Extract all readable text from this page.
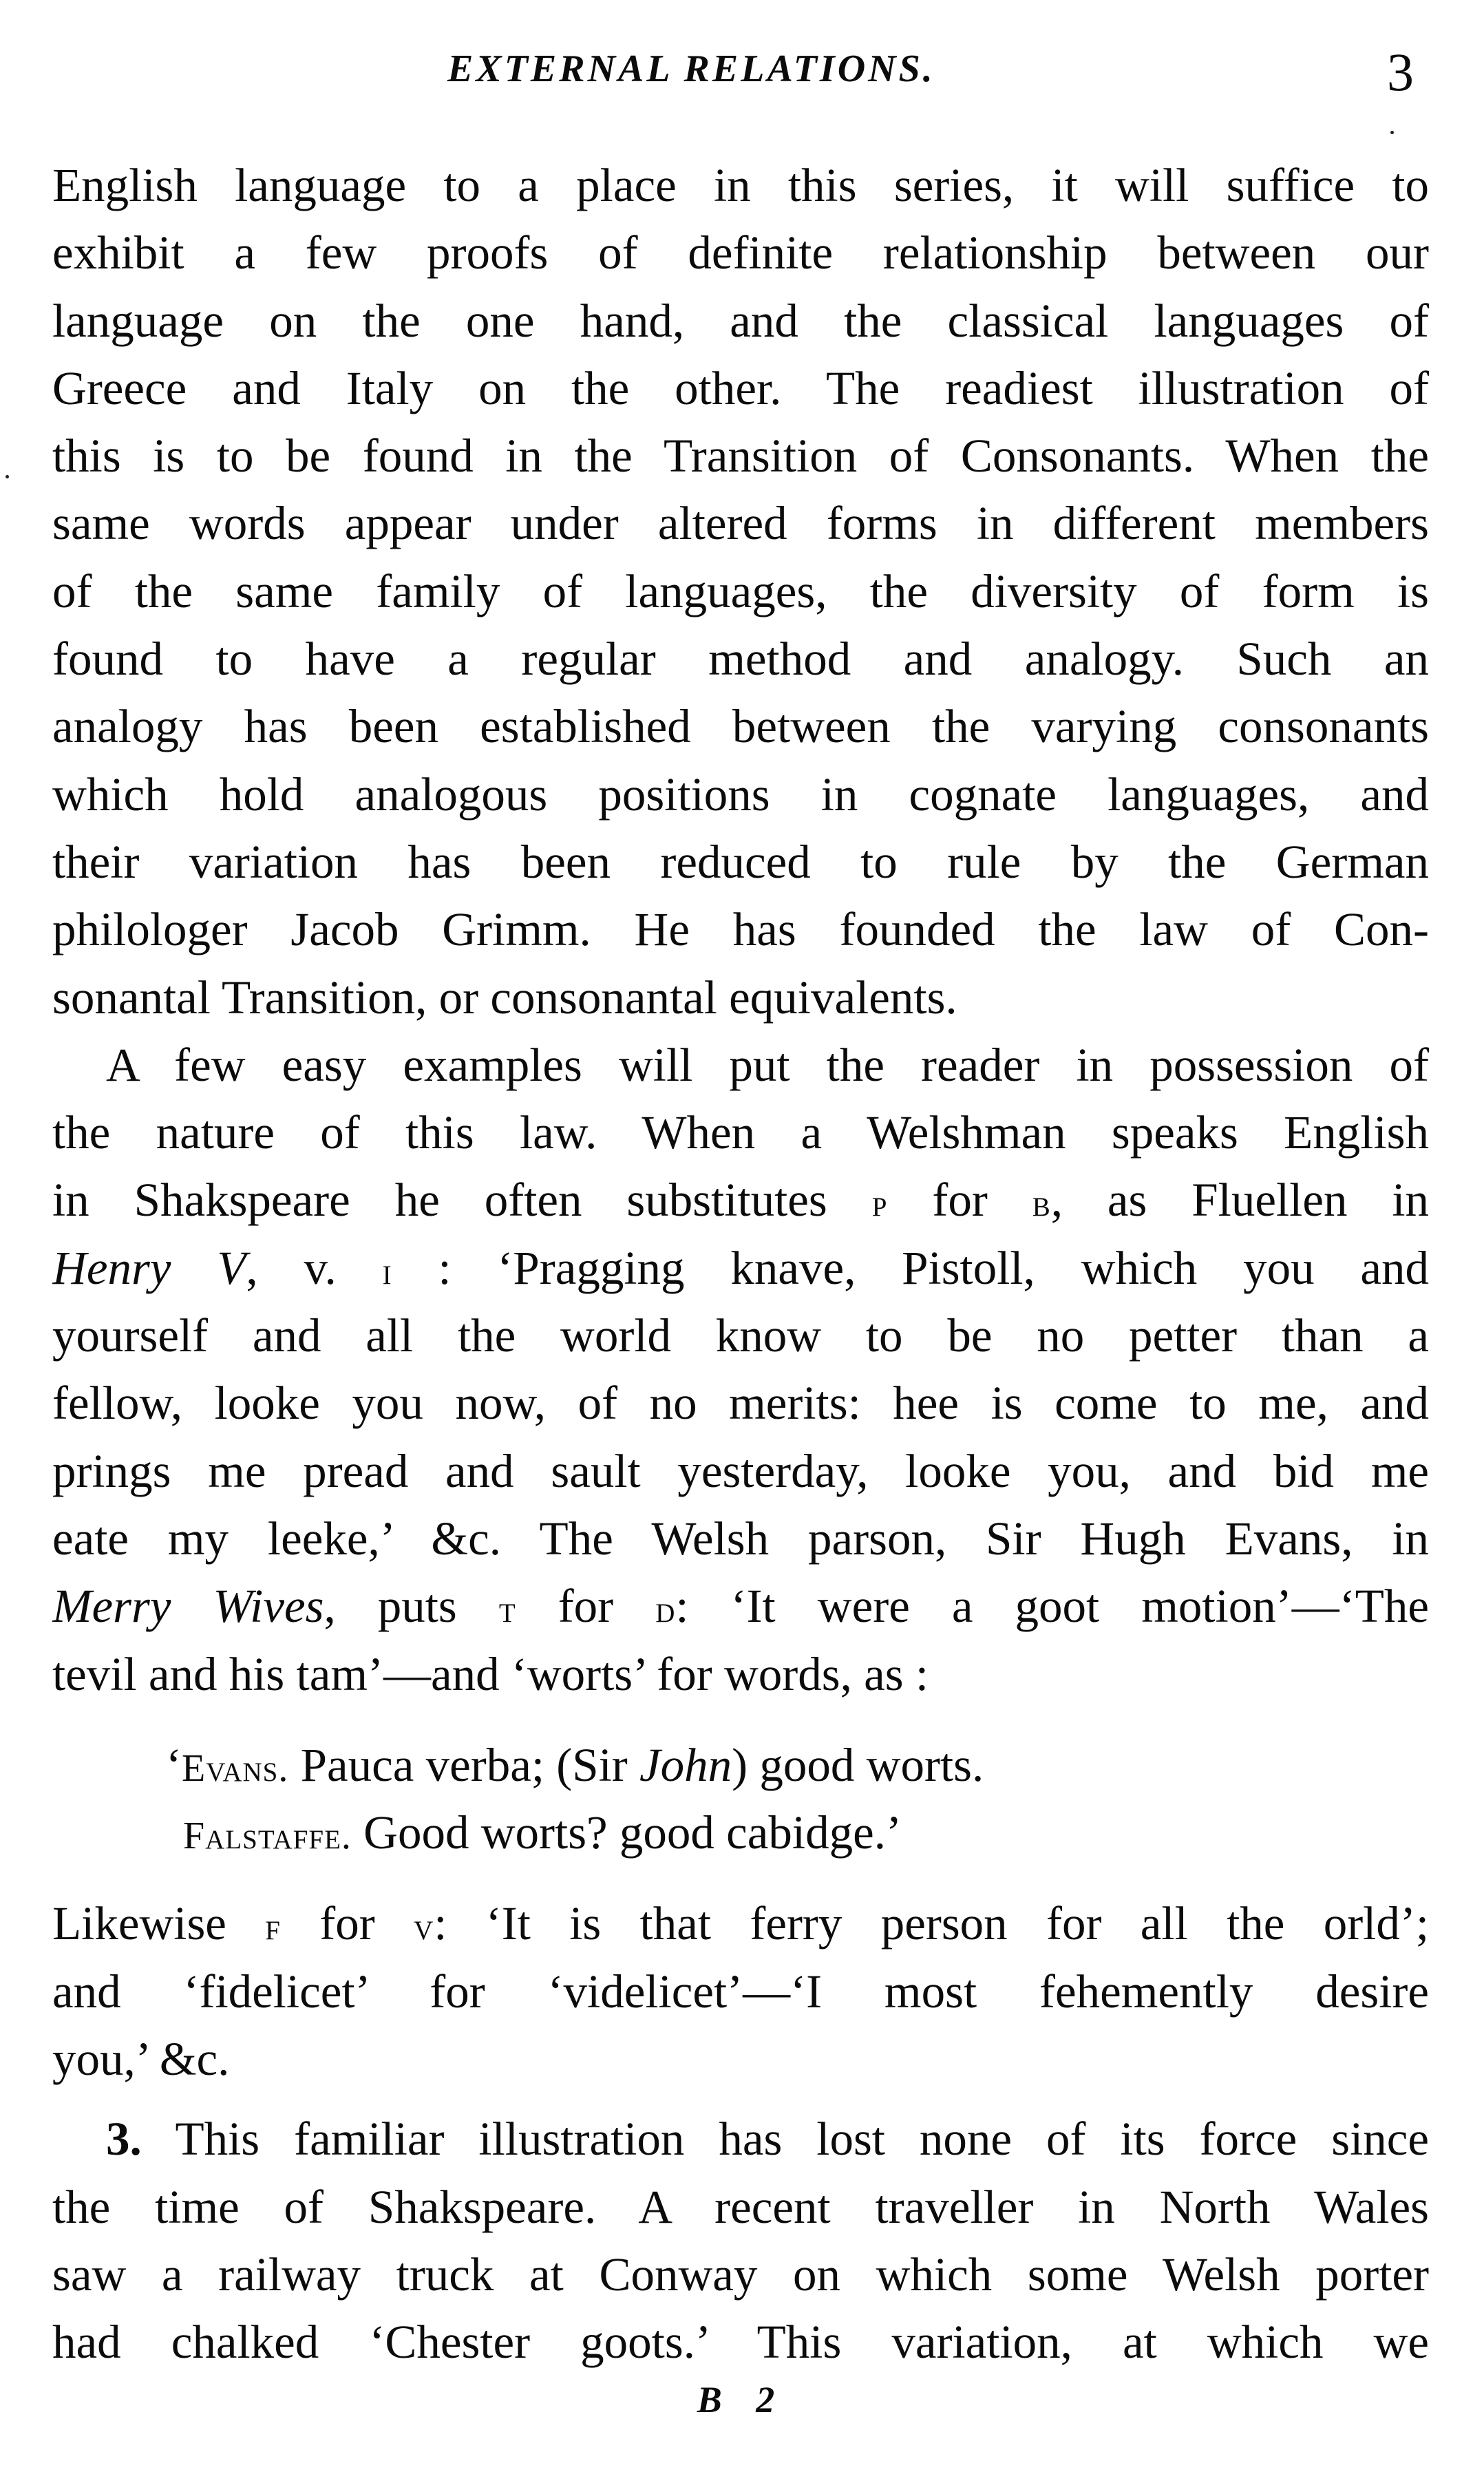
EXTERNAL RELATIONS.	3
English language to a place in this series, it will suffice to
exhibit a few proofs of definite relationship between our
language on the one hand, and the classical languages of
Greece and Italy on the other. The readiest illustration of
this is to be found in the Transition of Consonants. When the
same words appear under altered forms in different members
of the same family of languages, the diversity of form is
found to have a regular method and analogy. Such an
analogy has been established between the varying consonants
which hold analogous positions in cognate languages, and
their variation has been reduced to rule by the German
philologer Jacob Grimm. He has founded the law of Con-
sonantal Transition, or consonantal equivalents.
A few easy examples will put the reader in possession of
the nature of this law. When a Welshman speaks English
in Shakspeare he often substitutes p for b, as Fluellen in
Henry V, v. i : ‘Pragging knave, Pistoll, which you and
yourself and all the world know to be no petter than a
fellow, looke you now, of no merits: hee is come to me, and
prings me pread and sault yesterday, looke you, and bid me
eate my leeke,’ &c. The Welsh parson, Sir Hugh Evans, in
Merry Wives, puts t for d: ‘It were a goot motion’—‘The
tevil and his tam’—and ‘worts’ for words, as :
‘Evans. Pauca verba; (Sir John) good worts.
Falstaffe. Good worts? good cabidge.’
Likewise f for v: ‘It is that ferry person for all the orld’;
and ‘fidelicet’ for ‘videlicet’—‘I most fehemently desire
you,’ &c.
3. This familiar illustration has lost none of its force since
the time of Shakspeare. A recent traveller in North Wales
saw a railway truck at Conway on which some Welsh porter
had chalked ‘Chester goots.’ This variation, at which we
B 2
